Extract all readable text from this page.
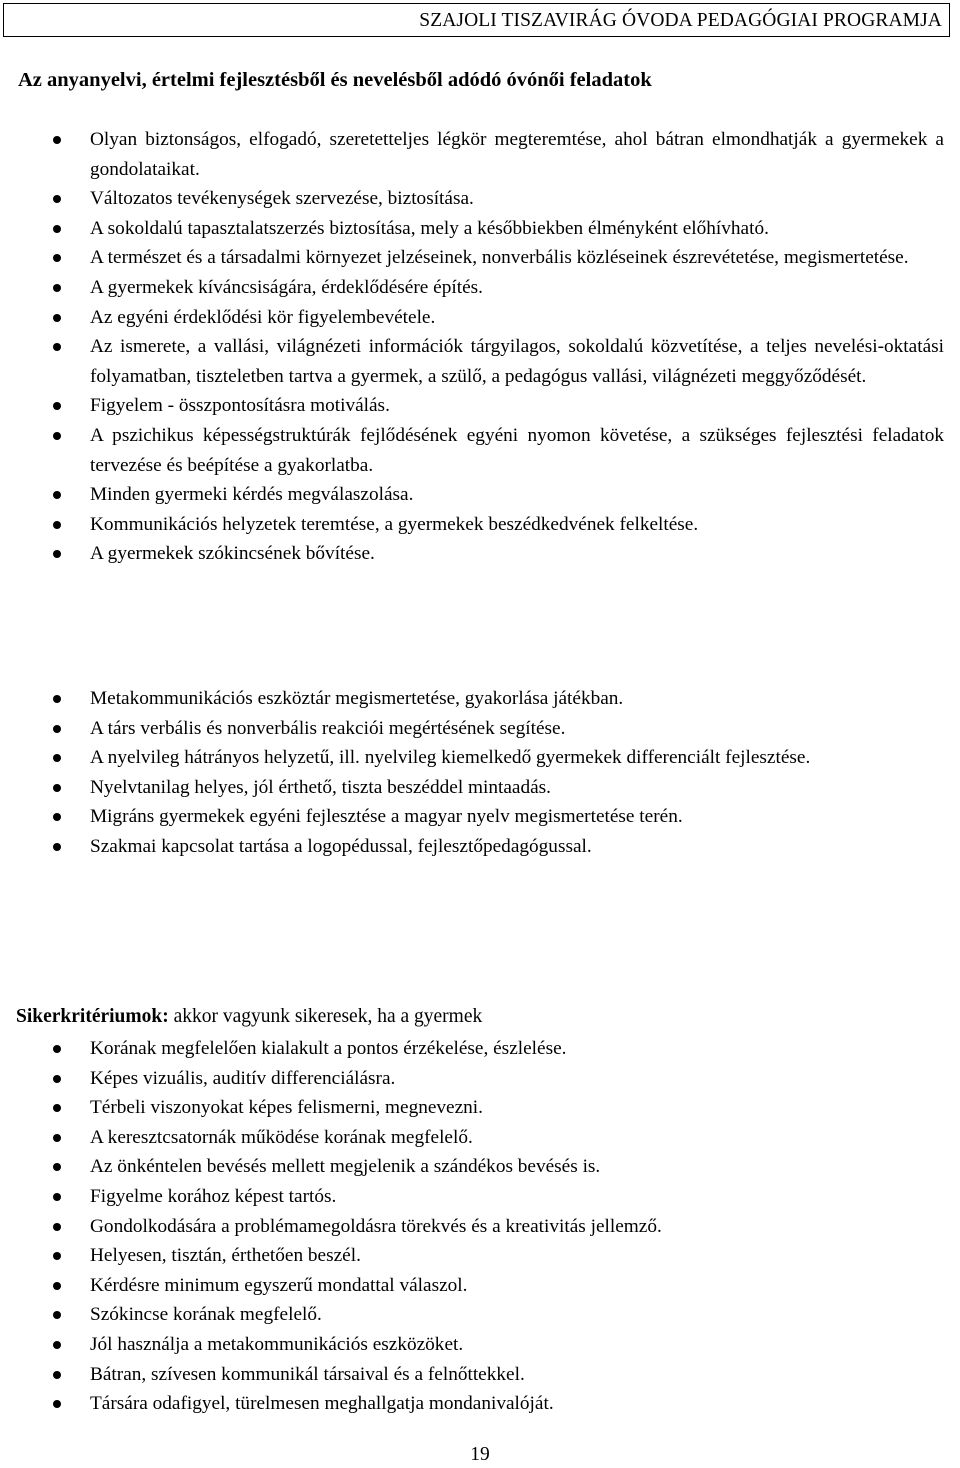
SZAJOLI TISZAVIRÁG ÓVODA PEDAGÓGIAI PROGRAMJA
Az anyanyelvi, értelmi fejlesztésből és nevelésből adódó óvónői feladatok
Olyan biztonságos, elfogadó, szeretetteljes légkör megteremtése, ahol bátran elmondhatják a gyermekek a gondolataikat.
Változatos tevékenységek szervezése, biztosítása.
A sokoldalú tapasztalatszerzés biztosítása, mely a későbbiekben élményként előhívható.
A természet és a társadalmi környezet jelzéseinek, nonverbális közléseinek észrevétetése, megismertetése.
A gyermekek kíváncsiságára, érdeklődésére építés.
Az egyéni érdeklődési kör figyelembevétele.
Az ismerete, a vallási, világnézeti információk tárgyilagos, sokoldalú közvetítése, a teljes nevelési-oktatási folyamatban, tiszteletben tartva a gyermek, a szülő, a pedagógus vallási, világnézeti meggyőződését.
Figyelem - összpontosításra motiválás.
A pszichikus képességstruktúrák fejlődésének egyéni nyomon követése, a szükséges fejlesztési feladatok tervezése és beépítése a gyakorlatba.
Minden gyermeki kérdés megválaszolása.
Kommunikációs helyzetek teremtése, a gyermekek beszédkedvének felkeltése.
A gyermekek szókincsének bővítése.
Metakommunikációs eszköztár megismertetése, gyakorlása játékban.
A társ verbális és nonverbális reakciói megértésének segítése.
A nyelvileg hátrányos helyzetű, ill. nyelvileg kiemelkedő gyermekek differenciált fejlesztése.
Nyelvtanilag helyes, jól érthető, tiszta beszéddel mintaadás.
Migráns gyermekek egyéni fejlesztése a magyar nyelv megismertetése terén.
Szakmai kapcsolat tartása a logopédussal, fejlesztőpedagógussal.

Sikerkritériumok: akkor vagyunk sikeresek, ha a gyermek

Korának megfelelően kialakult a pontos érzékelése, észlelése.
Képes vizuális, auditív differenciálásra.
Térbeli viszonyokat képes felismerni, megnevezni.
A keresztcsatornák működése korának megfelelő.
Az önkéntelen bevésés mellett megjelenik a szándékos bevésés is.
Figyelme korához képest tartós.
Gondolkodására a problémamegoldásra törekvés és a kreativitás jellemző.
Helyesen, tisztán, érthetően beszél.
Kérdésre minimum egyszerű mondattal válaszol.
Szókincse korának megfelelő.
Jól használja a metakommunikációs eszközöket.
Bátran, szívesen kommunikál társaival és a felnőttekkel.
Társára odafigyel, türelmesen meghallgatja mondanivalóját.
19
